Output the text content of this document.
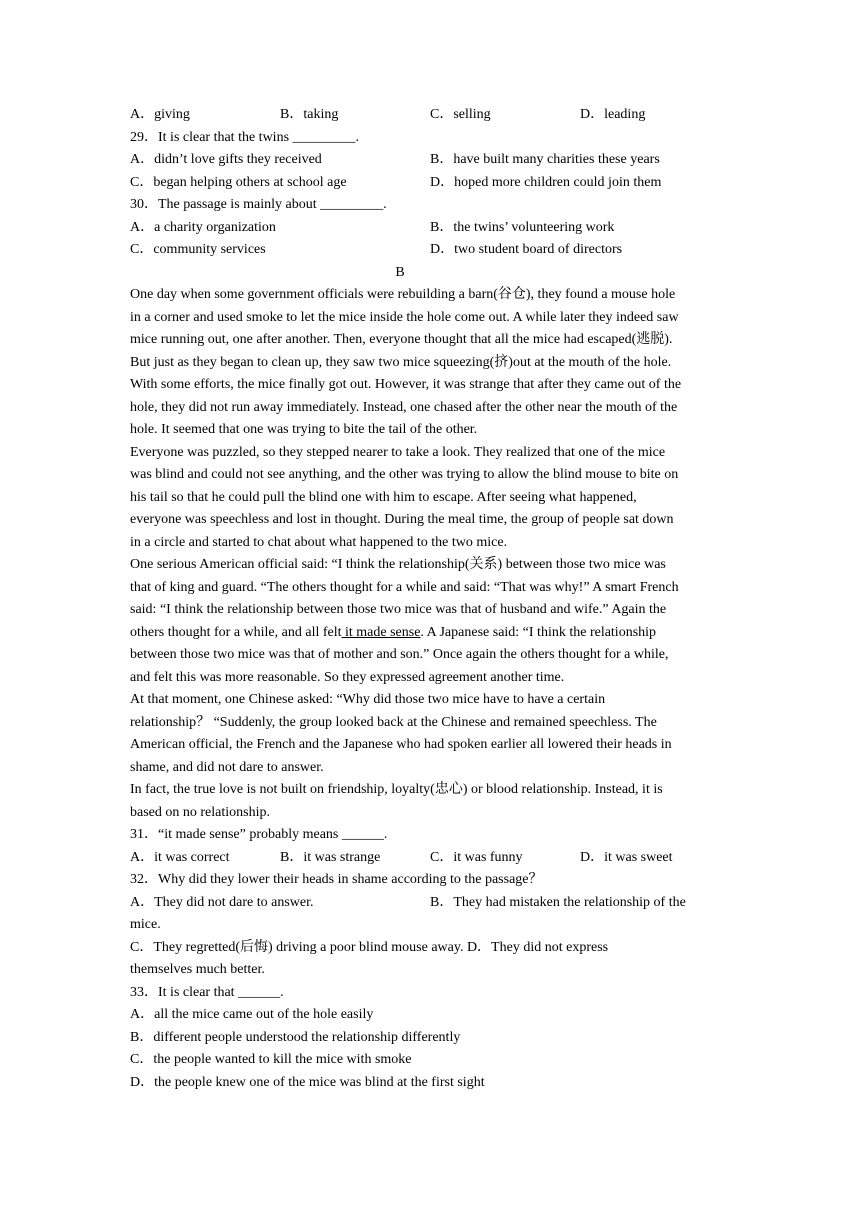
A．giving	B．taking	C．selling	D．leading
29．It is clear that the twins _________.
A．didn’t love gifts they received	B．have built many charities these years
C．began helping others at school age	D．hoped more children could join them
30．The passage is mainly about _________.
A．a charity organization	B．the twins’ volunteering work
C．community services	D．two student board of directors
B
One day when some government officials were rebuilding a barn(谷仓), they found a mouse hole
in a corner and used smoke to let the mice inside the hole come out. A while later they indeed saw
mice running out, one after another. Then, everyone thought that all the mice had escaped(逃脱).
But just as they began to clean up, they saw two mice squeezing(挤)out at the mouth of the hole.
With some efforts, the mice finally got out. However, it was strange that after they came out of the
hole, they did not run away immediately. Instead, one chased after the other near the mouth of the
hole. It seemed that one was trying to bite the tail of the other.
Everyone was puzzled, so they stepped nearer to take a look. They realized that one of the mice
was blind and could not see anything, and the other was trying to allow the blind mouse to bite on
his tail so that he could pull the blind one with him to escape. After seeing what happened,
everyone was speechless and lost in thought. During the meal time, the group of people sat down
in a circle and started to chat about what happened to the two mice.
One serious American official said: “I think the relationship(关系) between those two mice was
that of king and guard. “The others thought for a while and said: “That was why!” A smart French
said: “I think the relationship between those two mice was that of husband and wife.” Again the
others thought for a while, and all felt it made sense. A Japanese said: “I think the relationship
between those two mice was that of mother and son.” Once again the others thought for a while,
and felt this was more reasonable. So they expressed agreement another time.
At that moment, one Chinese asked: “Why did those two mice have to have a certain
relationship？ “Suddenly, the group looked back at the Chinese and remained speechless. The
American official, the French and the Japanese who had spoken earlier all lowered their heads in
shame, and did not dare to answer.
In fact, the true love is not built on friendship, loyalty(忠心) or blood relationship. Instead, it is
based on no relationship.
31．“it made sense” probably means ______.
A．it was correct	B．it was strange	C．it was funny	D．it was sweet
32．Why did they lower their heads in shame according to the passage？
A．They did not dare to answer.	B．They had mistaken the relationship of the
mice.
C．They regretted(后悔) driving a poor blind mouse away. D．They did not express
themselves much better.
33．It is clear that ______.
A．all the mice came out of the hole easily
B．different people understood the relationship differently
C．the people wanted to kill the mice with smoke
D．the people knew one of the mice was blind at the first sight
